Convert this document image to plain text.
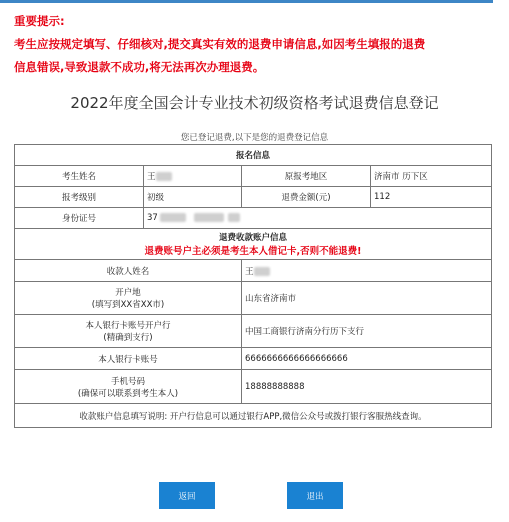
重要提示:
考生应按规定填写、仔细核对,提交真实有效的退费申请信息,如因考生填报的退费
信息错误,导致退款不成功,将无法再次办理退费。
2022年度全国会计专业技术初级资格考试退费信息登记
您已登记退费,以下是您的退费登记信息
报名信息			
考生姓名	王	原报考地区	济南市 历下区
报考级别	初级	退费金额(元)	112
身份证号	37		

退费收款账户信息
退费账号户主必须是考生本人借记卡,否则不能退费!			

收款人姓名		王	

开户地
(填写到XX省XX市)		山东省济南市	

本人银行卡账号开户行
(精确到支行)		中国工商银行济南分行历下支行	
本人银行卡账号		6666666666666666666	

手机号码
(确保可以联系到考生本人)		18888888888	
收款账户信息填写说明: 开户行信息可以通过银行APP,微信公众号或拨打银行客服热线查询。			
返回	退出
